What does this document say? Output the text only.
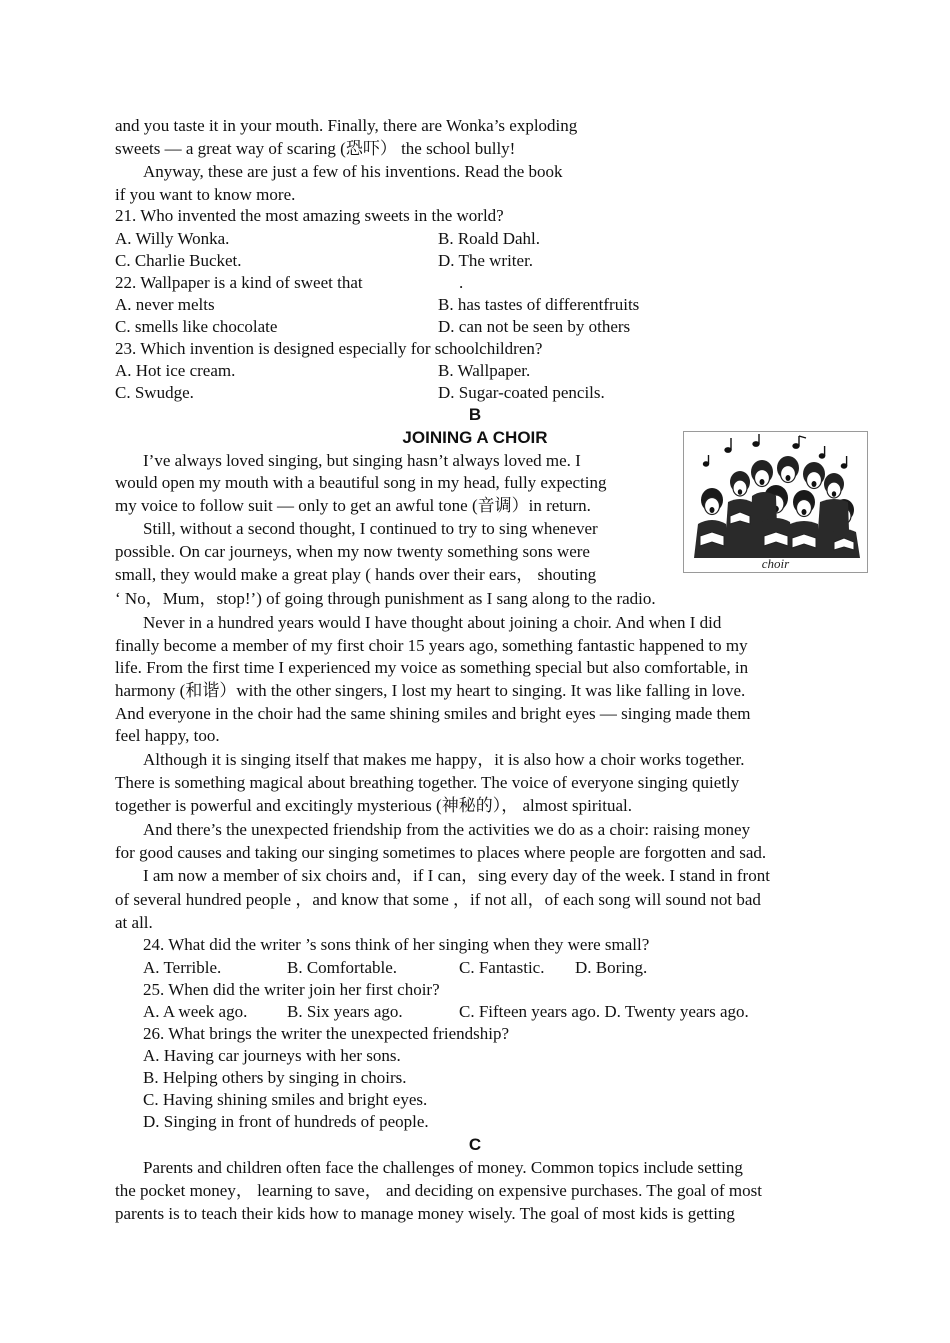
and you taste it in your mouth. Finally, there are Wonka’s exploding
sweets — a great way of scaring (恐吓） the school bully!
Anyway, these are just a few of his inventions. Read the book
if you want to know more.
21. Who invented the most amazing sweets in the world?
A. Willy Wonka.	B. Roald Dahl.
C. Charlie Bucket.	D. The writer.
22. Wallpaper is a kind of sweet that	.
A. never melts	B. has tastes of differentfruits
C. smells like chocolate	D. can not be seen by others
23. Which invention is designed especially for schoolchildren?
A. Hot ice cream.	B. Wallpaper.
C. Swudge.	D. Sugar-coated pencils.
B
JOINING A CHOIR
choir
I’ve always loved singing, but singing hasn’t always loved me. I
would open my mouth with a beautiful song in my head, fully expecting
my voice to follow suit — only to get an awful tone (音调）in return.
Still, without a second thought, I continued to try to sing whenever
possible. On car journeys, when my now twenty something sons were
small, they would make a great play ( hands over their ears， shouting
‘ No，Mum，stop!’) of going through punishment as I sang along to the radio.
Never in a hundred years would I have thought about joining a choir. And when I did
finally become a member of my first choir 15 years ago, something fantastic happened to my
life. From the first time I experienced my voice as something special but also comfortable, in
harmony (和谐）with the other singers, I lost my heart to singing. It was like falling in love.
And everyone in the choir had the same shining smiles and bright eyes — singing made them
feel happy, too.
Although it is singing itself that makes me happy，it is also how a choir works together.
There is something magical about breathing together. The voice of everyone singing quietly
together is powerful and excitingly mysterious (神秘的）， almost spiritual.
And there’s the unexpected friendship from the activities we do as a choir: raising money
for good causes and taking our singing sometimes to places where people are forgotten and sad.
I am now a member of six choirs and，if I can，sing every day of the week. I stand in front
of several hundred people ，and know that some ，if not all，of each song will sound not bad
at all.
24. What did the writer ’s sons think of her singing when they were small?
A. Terrible.	B. Comfortable.	C. Fantastic. D. Boring.
25. When did the writer join her first choir?
A. A week ago. B. Six years ago.	C. Fifteen years ago. D. Twenty years ago.
26. What brings the writer the unexpected friendship?
A. Having car journeys with her sons.
B. Helping others by singing in choirs.
C. Having shining smiles and bright eyes.
D. Singing in front of hundreds of people.
C
Parents and children often face the challenges of money. Common topics include setting
the pocket money， learning to save， and deciding on expensive purchases. The goal of most
parents is to teach their kids how to manage money wisely. The goal of most kids is getting
